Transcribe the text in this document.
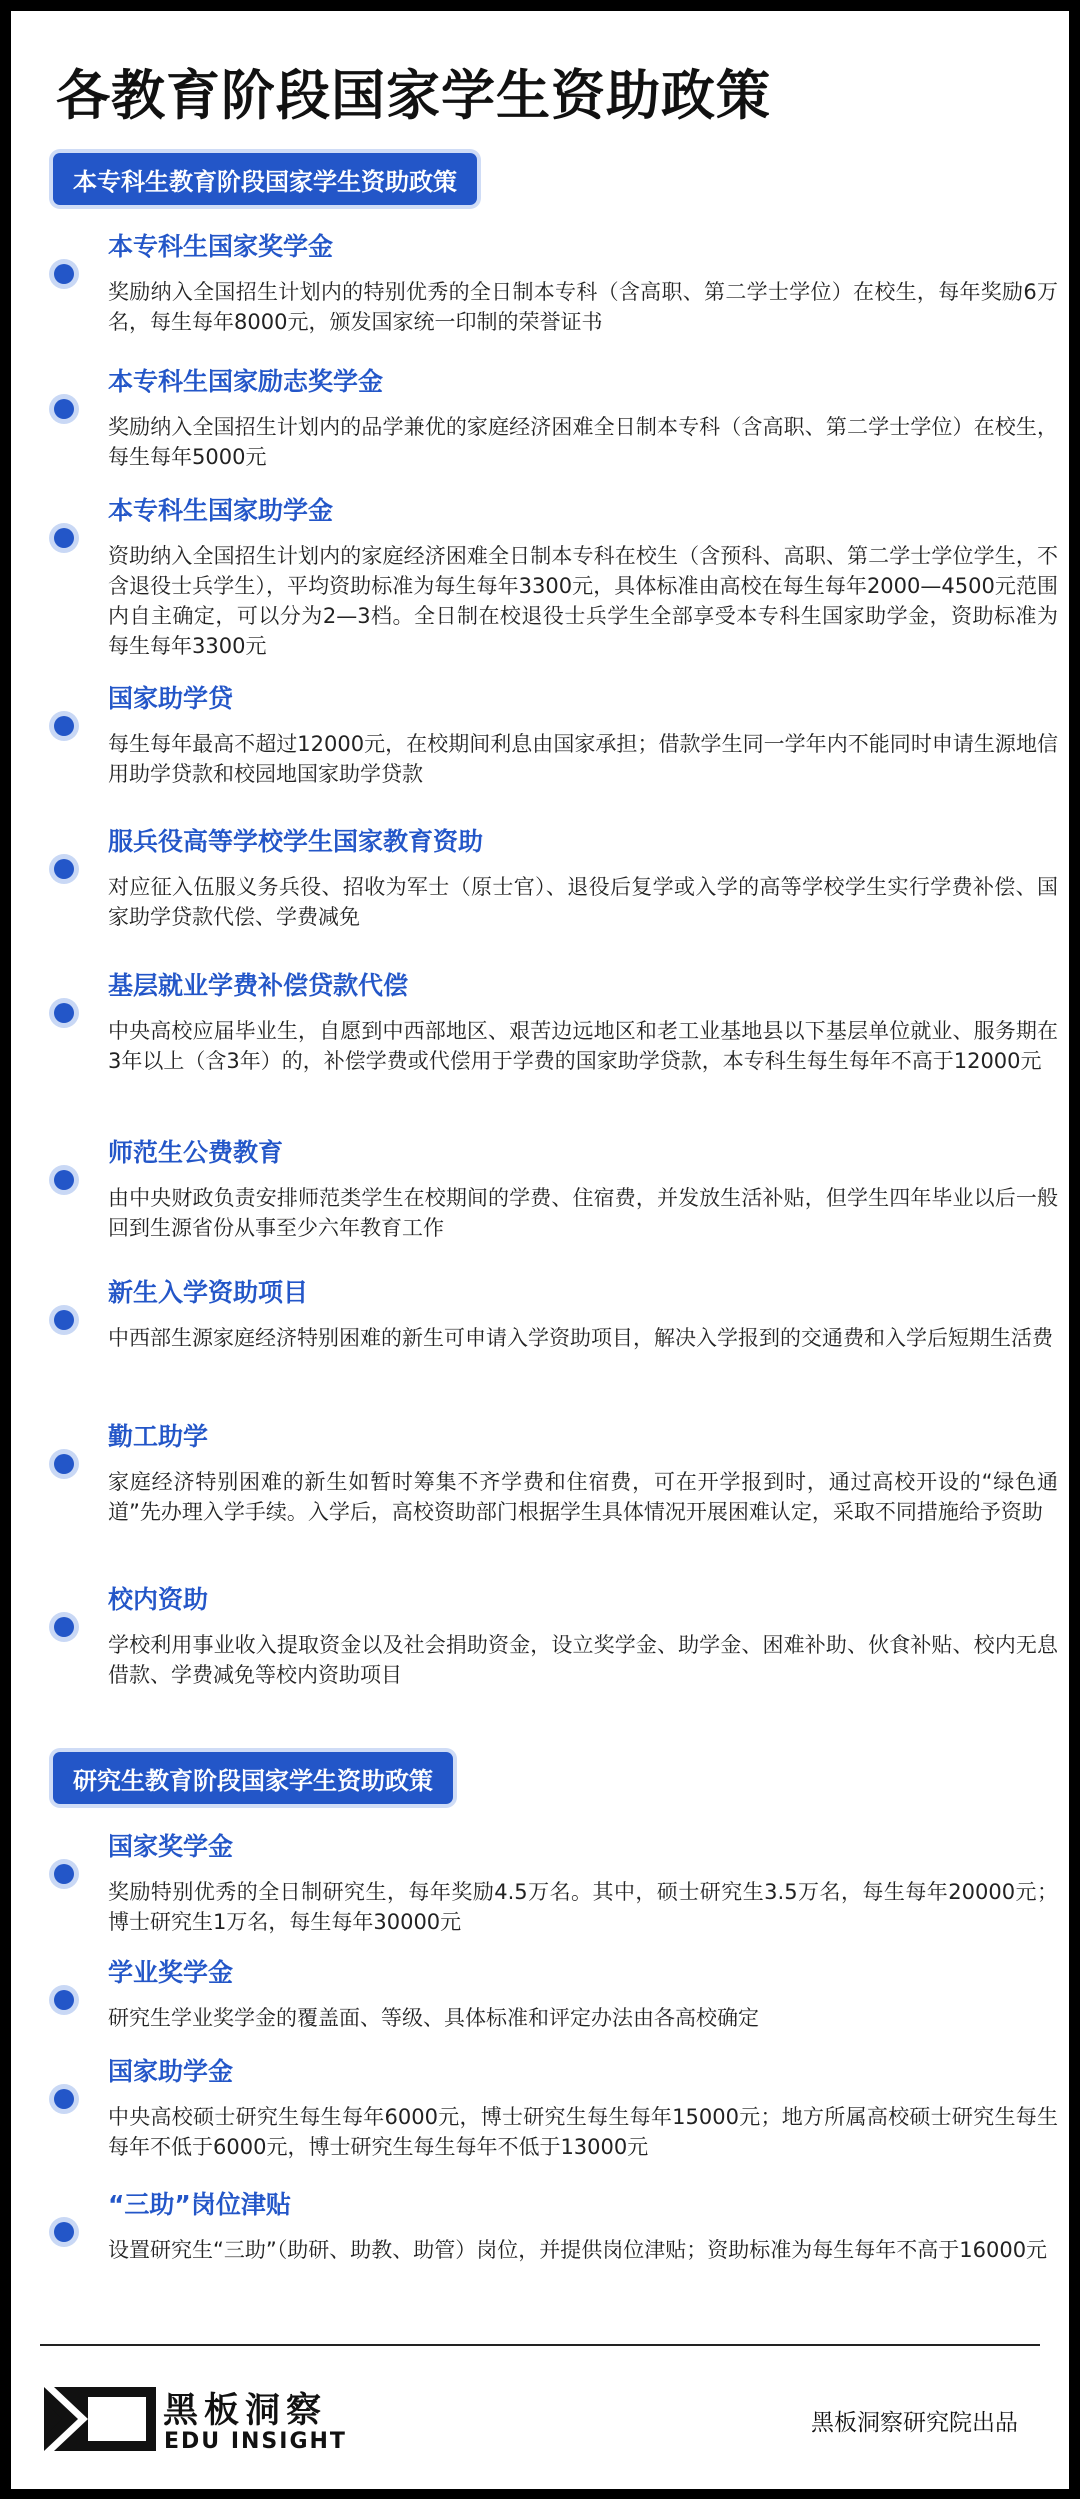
各教育阶段国家学生资助政策
本专科生教育阶段国家学生资助政策
本专科生国家奖学金
奖励纳入全国招生计划内的特别优秀的全日制本专科（含高职、第二学士学位）在校生，每年奖励6万名，每生每年8000元，颁发国家统一印制的荣誉证书
本专科生国家励志奖学金
奖励纳入全国招生计划内的品学兼优的家庭经济困难全日制本专科（含高职、第二学士学位）在校生，每生每年5000元
本专科生国家助学金
资助纳入全国招生计划内的家庭经济困难全日制本专科在校生（含预科、高职、第二学士学位学生，不含退役士兵学生），平均资助标准为每生每年3300元，具体标准由高校在每生每年2000—4500元范围内自主确定，可以分为2—3档。全日制在校退役士兵学生全部享受本专科生国家助学金，资助标准为每生每年3300元
国家助学贷
每生每年最高不超过12000元，在校期间利息由国家承担；借款学生同一学年内不能同时申请生源地信用助学贷款和校园地国家助学贷款
服兵役高等学校学生国家教育资助
对应征入伍服义务兵役、招收为军士（原士官）、退役后复学或入学的高等学校学生实行学费补偿、国家助学贷款代偿、学费减免
基层就业学费补偿贷款代偿
中央高校应届毕业生，自愿到中西部地区、艰苦边远地区和老工业基地县以下基层单位就业、服务期在3年以上（含3年）的，补偿学费或代偿用于学费的国家助学贷款，本专科生每生每年不高于12000元
师范生公费教育
由中央财政负责安排师范类学生在校期间的学费、住宿费，并发放生活补贴，但学生四年毕业以后一般回到生源省份从事至少六年教育工作
新生入学资助项目
中西部生源家庭经济特别困难的新生可申请入学资助项目，解决入学报到的交通费和入学后短期生活费
勤工助学
家庭经济特别困难的新生如暂时筹集不齐学费和住宿费，可在开学报到时，通过高校开设的“绿色通道”先办理入学手续。入学后，高校资助部门根据学生具体情况开展困难认定，采取不同措施给予资助
校内资助
学校利用事业收入提取资金以及社会捐助资金，设立奖学金、助学金、困难补助、伙食补贴、校内无息借款、学费减免等校内资助项目
研究生教育阶段国家学生资助政策
国家奖学金
奖励特别优秀的全日制研究生，每年奖励4.5万名。其中，硕士研究生3.5万名，每生每年20000元；博士研究生1万名，每生每年30000元
学业奖学金
研究生学业奖学金的覆盖面、等级、具体标准和评定办法由各高校确定
国家助学金
中央高校硕士研究生每生每年6000元，博士研究生每生每年15000元；地方所属高校硕士研究生每生每年不低于6000元，博士研究生每生每年不低于13000元
“三助”岗位津贴
设置研究生“三助”（助研、助教、助管）岗位，并提供岗位津贴；资助标准为每生每年不高于16000元
黑板洞察
EDU INSIGHT
黑板洞察研究院出品
